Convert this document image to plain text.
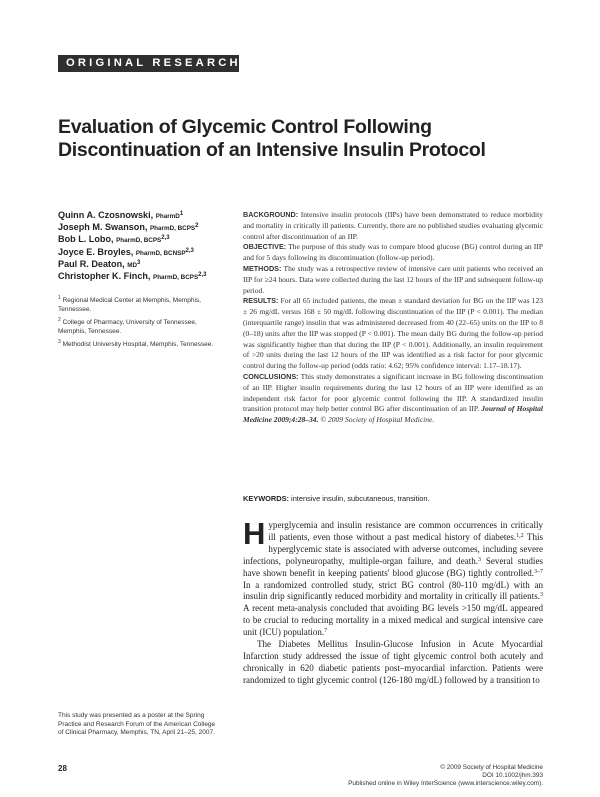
ORIGINAL RESEARCH
Evaluation of Glycemic Control Following
Discontinuation of an Intensive Insulin Protocol
Quinn A. Czosnowski, PharmD$^1$
Joseph M. Swanson, PharmD, BCPS$^2$
Bob L. Lobo, PharmD, BCPS$^{2,3}$
Joyce E. Broyles, PharmD, BCNSP$^{2,3}$
Paul R. Deaton, $MD^3$
Christopher K. Finch, PharmD, BCPS$^{2,3}$

$^1$ Regional Medical Center at Memphis, Memphis, Tennessee.

$^2$ College of Pharmacy, University of Tennessee, Memphis, Tennessee.

$^3$ Methodist University Hospital, Memphis, Tennessee.

This study was presented as a poster at the Spring Practice and Research Forum of the American College of Clinical Pharmacy, Memphis, TN, April 21–25, 2007.

BACKGROUND: Intensive insulin protocols (IIPs) have been demonstrated to reduce morbidity and mortality in critically ill patients. Currently, there are no published studies evaluating glycemic control after discontinuation of an IIP.

OBJECTIVE: The purpose of this study was to compare blood glucose (BG) control during an IIP and for 5 days following its discontinuation (follow-up period).

METHODS: The study was a retrospective review of intensive care unit patients who received an IIP for ≥24 hours. Data were collected during the last 12 hours of the IIP and subsequent follow-up period.

RESULTS: For all 65 included patients, the mean ± standard deviation for BG on the IIP was 123 ± 26 mg/dL versus 168 ± 50 mg/dL following discontinuation of the IIP (P < 0.001). The median (interquartile range) insulin that was administered decreased from 40 (22–65) units on the IIP to 8 (0–18) units after the IIP was stopped (P < 0.001). The mean daily BG during the follow-up period was significantly higher than that during the IIP (P < 0.001). Additionally, an insulin requirement of >20 units during the last 12 hours of the IIP was identified as a risk factor for poor glycemic control during the follow-up period (odds ratio: 4.62; 95% confidence interval: 1.17–18.17).

CONCLUSIONS: This study demonstrates a significant increase in BG following discontinuation of an IIP. Higher insulin requirements during the last 12 hours of an IIP were identified as an independent risk factor for poor glycemic control following the IIP. A standardized insulin transition protocol may help better control BG after discontinuation of an IIP. Journal of Hospital Medicine 2009;4:28–34. © 2009 Society of Hospital Medicine.

KEYWORDS: intensive insulin, subcutaneous, transition.

Hyperglycemia and insulin resistance are common occurrences in critically ill patients, even those without a past medical history of diabetes.$^{1,2}$ This hyperglycemic state is associated with adverse outcomes, including severe infections, polyneuropathy, multiple-organ failure, and death.$^3$ Several studies have shown benefit in keeping patients' blood glucose (BG) tightly controlled.$^{3-7}$ In a randomized controlled study, strict BG control (80-110 mg/dL) with an insulin drip significantly reduced morbidity and mortality in critically ill patients.$^3$ A recent meta-analysis concluded that avoiding BG levels >150 mg/dL appeared to be crucial to reducing mortality in a mixed medical and surgical intensive care unit (ICU) population.$^7$

The Diabetes Mellitus Insulin-Glucose Infusion in Acute Myocardial Infarction study addressed the issue of tight glycemic control both acutely and chronically in 620 diabetic patients post–myocardial infarction. Patients were randomized to tight glycemic control (126-180 mg/dL) followed by a transition to

28	© 2009 Society of Hospital Medicine
DOI 10.1002/jhm.393
Published online in Wiley InterScience (www.interscience.wiley.com).
